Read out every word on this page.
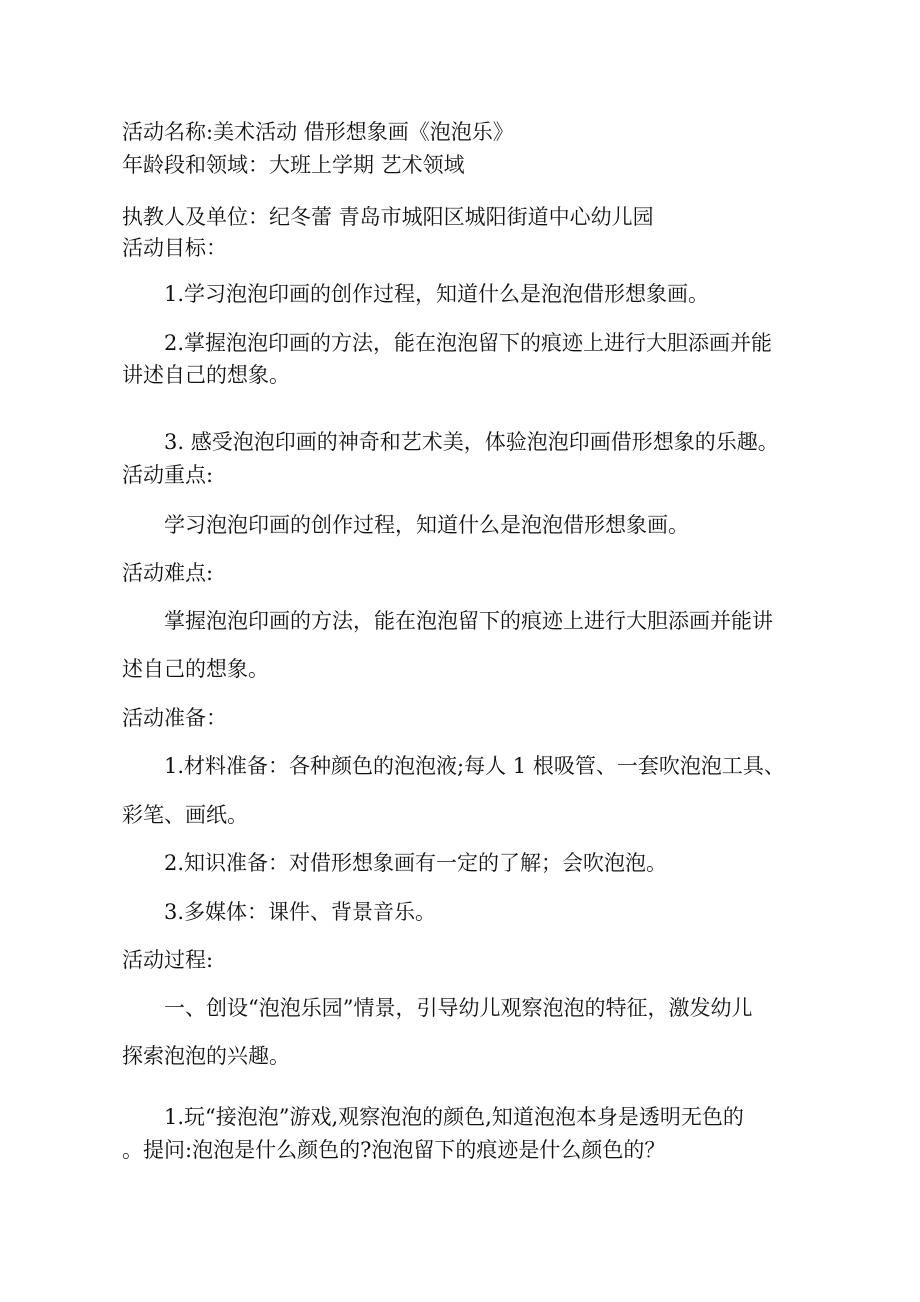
活动名称:美术活动 借形想象画《泡泡乐》
年龄段和领域：大班上学期 艺术领域
执教人及单位：纪冬蕾 青岛市城阳区城阳街道中心幼儿园
活动目标：
1.学习泡泡印画的创作过程，知道什么是泡泡借形想象画。
2.掌握泡泡印画的方法，能在泡泡留下的痕迹上进行大胆添画并能
讲述自己的想象。
3. 感受泡泡印画的神奇和艺术美，体验泡泡印画借形想象的乐趣。
活动重点:
学习泡泡印画的创作过程，知道什么是泡泡借形想象画。
活动难点:
掌握泡泡印画的方法，能在泡泡留下的痕迹上进行大胆添画并能讲
述自己的想象。
活动准备：
1.材料准备：各种颜色的泡泡液;每人 1 根吸管、一套吹泡泡工具、
彩笔、画纸。
2.知识准备：对借形想象画有一定的了解；会吹泡泡。
3.多媒体：课件、背景音乐。
活动过程:
一、创设“泡泡乐园”情景，引导幼儿观察泡泡的特征，激发幼儿
探索泡泡的兴趣。
1.玩“接泡泡”游戏,观察泡泡的颜色,知道泡泡本身是透明无色的
。提问:泡泡是什么颜色的?泡泡留下的痕迹是什么颜色的？
